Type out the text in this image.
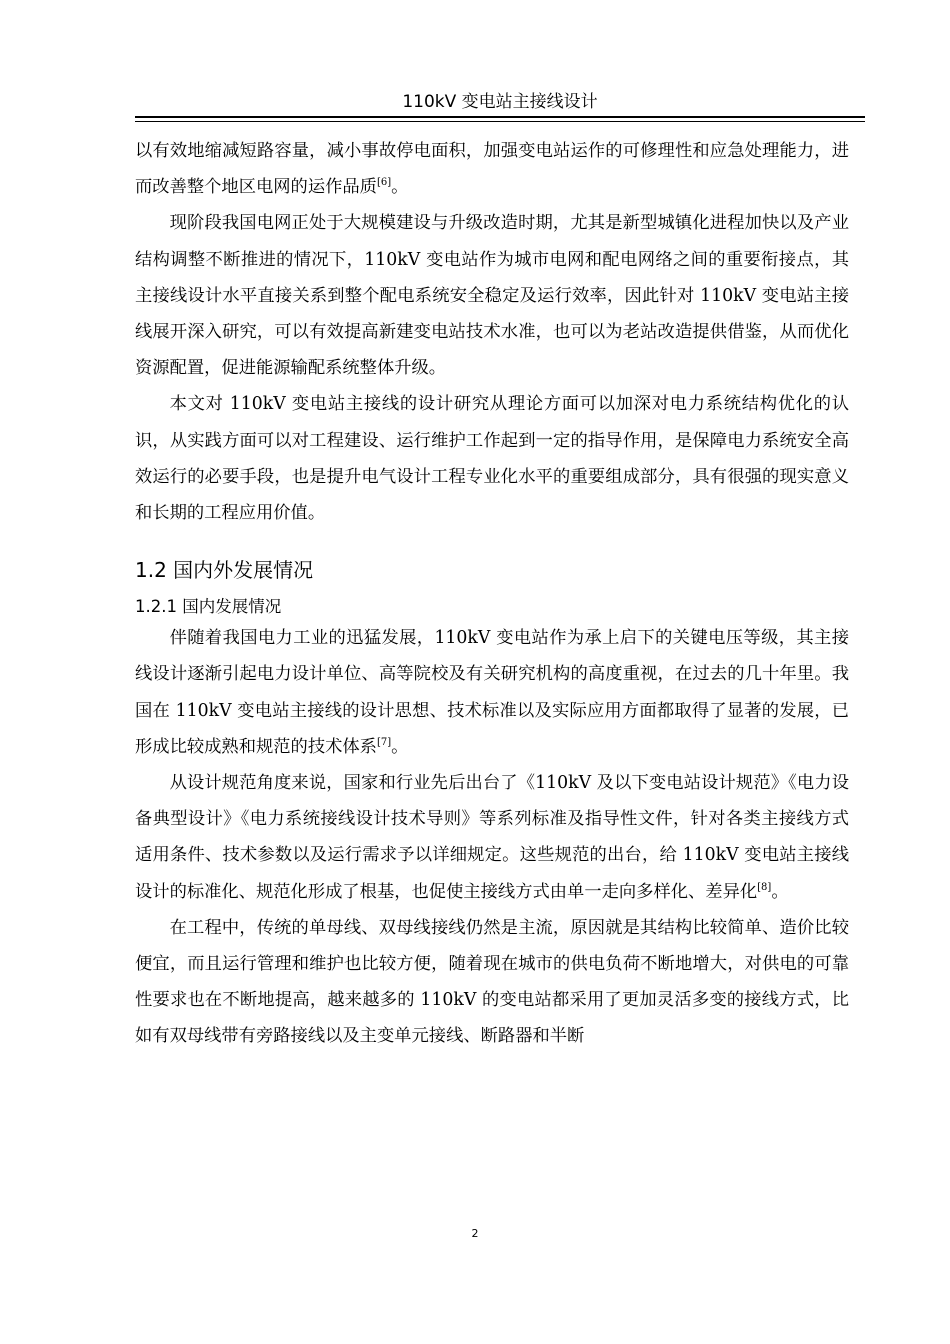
110kV 变电站主接线设计

以有效地缩减短路容量，减小事故停电面积，加强变电站运作的可修理性和应急处理能力，进而改善整个地区电网的运作品质[6]。

现阶段我国电网正处于大规模建设与升级改造时期，尤其是新型城镇化进程加快以及产业结构调整不断推进的情况下，110kV 变电站作为城市电网和配电网络之间的重要衔接点，其主接线设计水平直接关系到整个配电系统安全稳定及运行效率，因此针对 110kV 变电站主接线展开深入研究，可以有效提高新建变电站技术水准，也可以为老站改造提供借鉴，从而优化资源配置，促进能源输配系统整体升级。

本文对 110kV 变电站主接线的设计研究从理论方面可以加深对电力系统结构优化的认识，从实践方面可以对工程建设、运行维护工作起到一定的指导作用，是保障电力系统安全高效运行的必要手段，也是提升电气设计工程专业化水平的重要组成部分，具有很强的现实意义和长期的工程应用价值。

1.2 国内外发展情况
1.2.1 国内发展情况

伴随着我国电力工业的迅猛发展，110kV 变电站作为承上启下的关键电压等级，其主接线设计逐渐引起电力设计单位、高等院校及有关研究机构的高度重视，在过去的几十年里。我国在 110kV 变电站主接线的设计思想、技术标准以及实际应用方面都取得了显著的发展，已形成比较成熟和规范的技术体系[7]。

从设计规范角度来说，国家和行业先后出台了《110kV 及以下变电站设计规范》《电力设备典型设计》《电力系统接线设计技术导则》等系列标准及指导性文件，针对各类主接线方式适用条件、技术参数以及运行需求予以详细规定。这些规范的出台，给 110kV 变电站主接线设计的标准化、规范化形成了根基，也促使主接线方式由单一走向多样化、差异化[8]。

在工程中，传统的单母线、双母线接线仍然是主流，原因就是其结构比较简单、造价比较便宜，而且运行管理和维护也比较方便，随着现在城市的供电负荷不断地增大，对供电的可靠性要求也在不断地提高，越来越多的 110kV 的变电站都采用了更加灵活多变的接线方式，比如有双母线带有旁路接线以及主变单元接线、断路器和半断

2
